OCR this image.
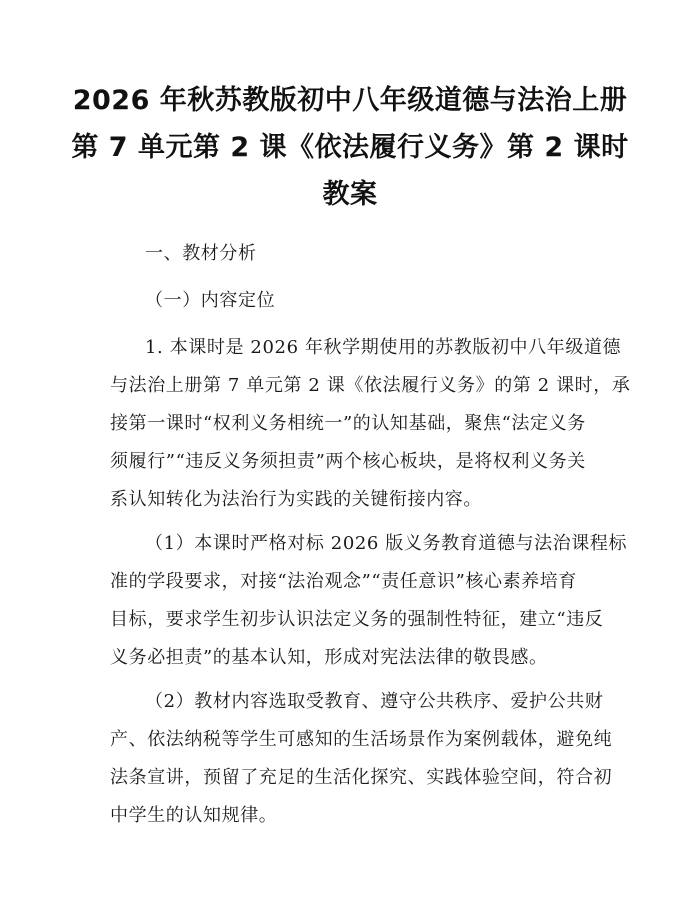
2026 年秋苏教版初中八年级道德与法治上册
第 7 单元第 2 课《依法履行义务》第 2 课时
教案
一、教材分析
（一）内容定位
1. 本课时是 2026 年秋学期使用的苏教版初中八年级道德
与法治上册第 7 单元第 2 课《依法履行义务》的第 2 课时，承
接第一课时“权利义务相统一”的认知基础，聚焦“法定义务
须履行”“违反义务须担责”两个核心板块，是将权利义务关
系认知转化为法治行为实践的关键衔接内容。
（1）本课时严格对标 2026 版义务教育道德与法治课程标
准的学段要求，对接“法治观念”“责任意识”核心素养培育
目标，要求学生初步认识法定义务的强制性特征，建立“违反
义务必担责”的基本认知，形成对宪法法律的敬畏感。
（2）教材内容选取受教育、遵守公共秩序、爱护公共财
产、依法纳税等学生可感知的生活场景作为案例载体，避免纯
法条宣讲，预留了充足的生活化探究、实践体验空间，符合初
中学生的认知规律。
